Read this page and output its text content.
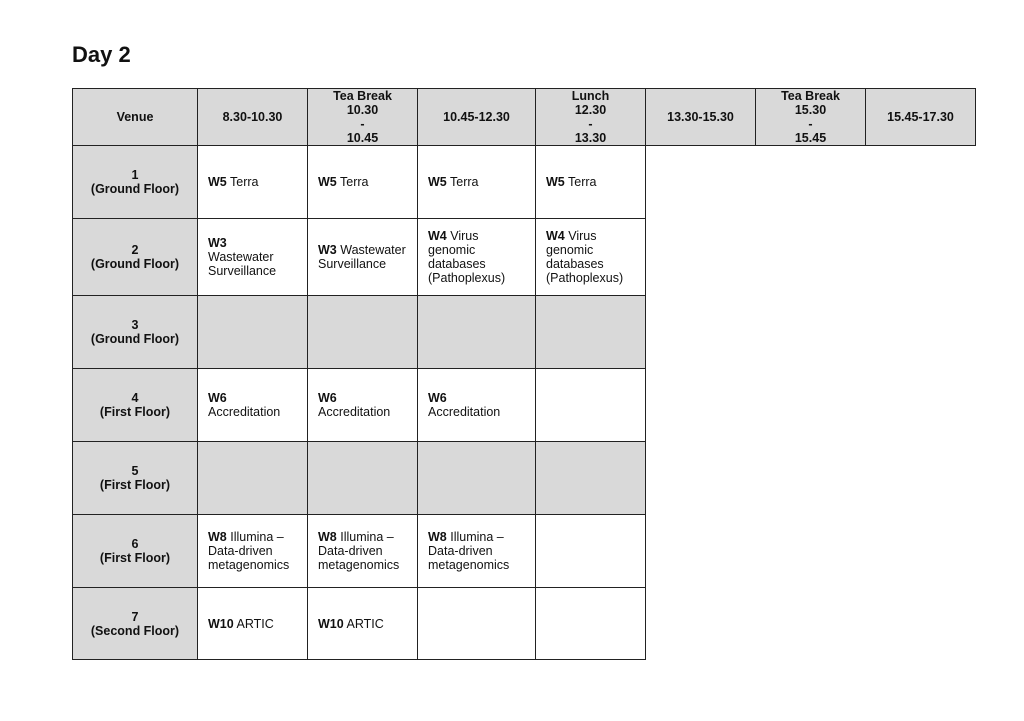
Day 2
Venue	8.30-10.30	Tea Break
10.30
-
10.45	10.45-12.30	Lunch
12.30
-
13.30	13.30-15.30	Tea Break
15.30
-
15.45	15.45-17.30

1
(Ground Floor)	W5 Terra	W5 Terra	W5 Terra	W5 Terra			

2
(Ground Floor)	W3
Wastewater Surveillance	W3 Wastewater Surveillance	W4 Virus genomic databases (Pathoplexus)	W4 Virus genomic databases (Pathoplexus)			

3
(Ground Floor)							

4
(First Floor)	W6
Accreditation	W6
Accreditation	W6
Accreditation				

5
(First Floor)							

6
(First Floor)	W8 Illumina – Data-driven metagenomics	W8 Illumina – Data-driven metagenomics	W8 Illumina – Data-driven metagenomics				

7
(Second Floor)	W10 ARTIC	W10 ARTIC					
